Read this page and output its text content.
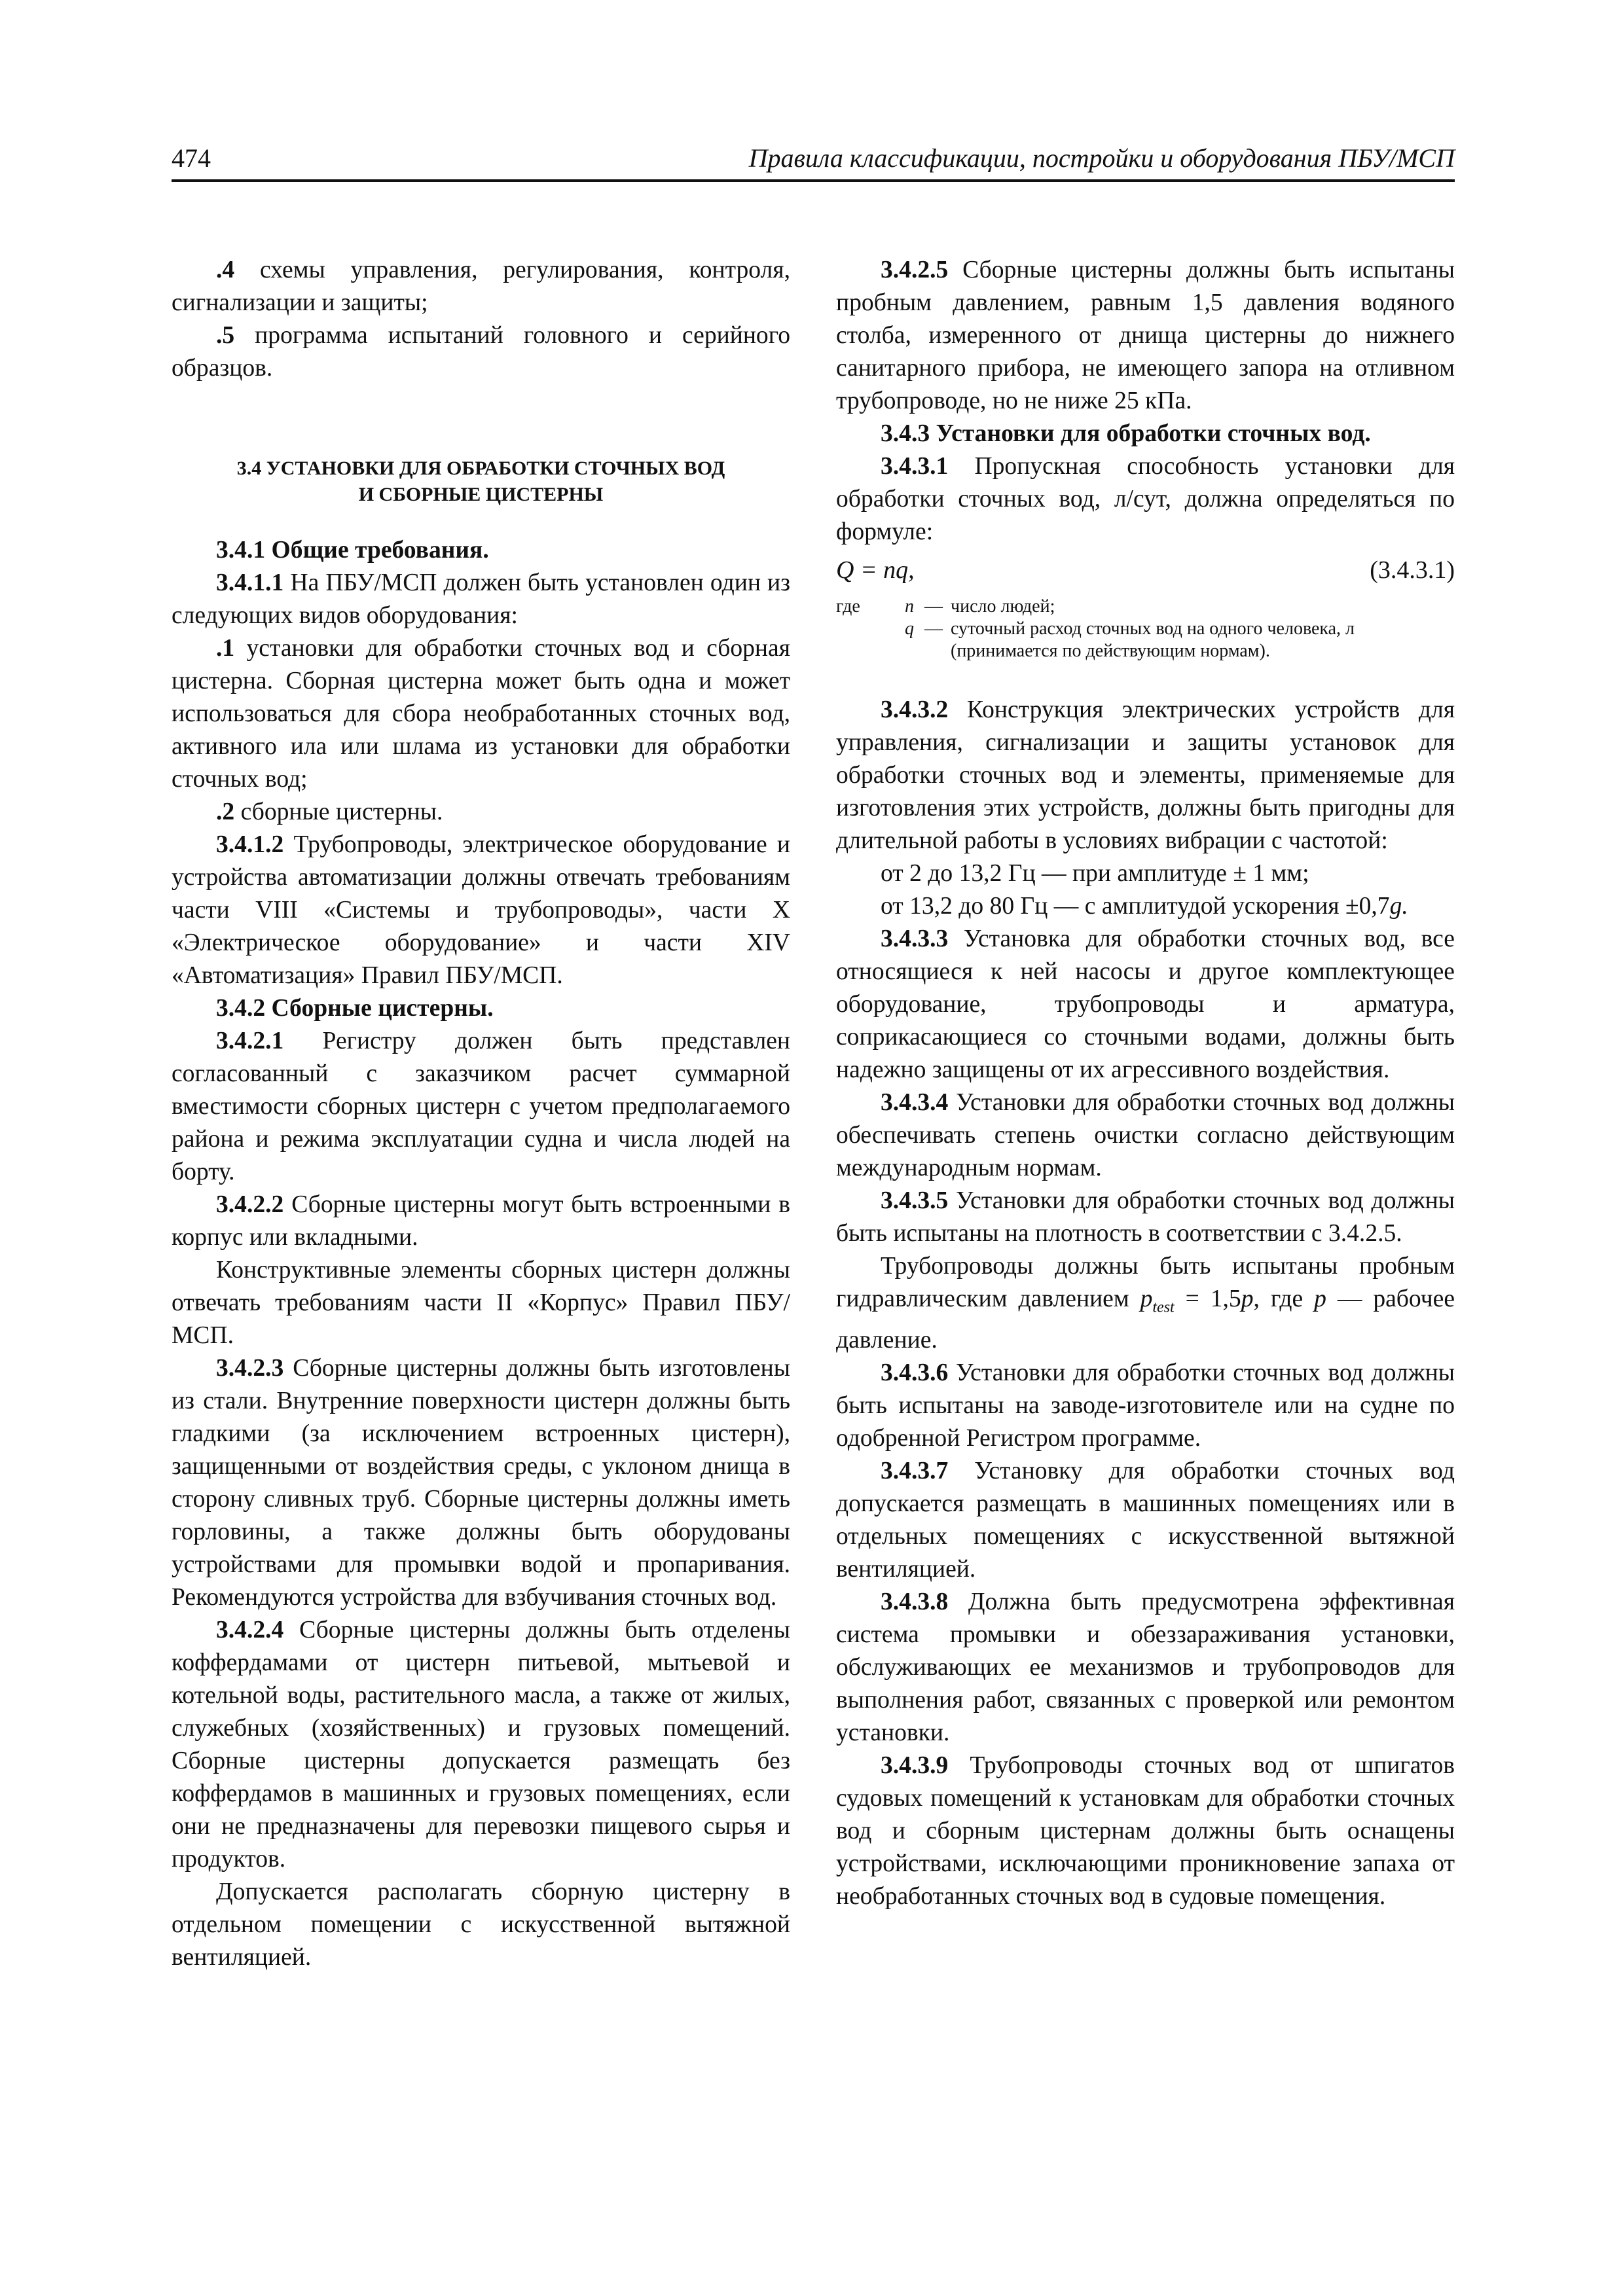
474	Правила классификации, постройки и оборудования ПБУ/МСП

.4 схемы управления, регулирования, контроля, сигнализации и защиты;

.5 программа испытаний головного и серийного образцов.

3.4 УСТАНОВКИ ДЛЯ ОБРАБОТКИ СТОЧНЫХ ВОД
И СБОРНЫЕ ЦИСТЕРНЫ

3.4.1 Общие требования.

3.4.1.1 На ПБУ/МСП должен быть установлен один из следующих видов оборудования:

.1 установки для обработки сточных вод и сборная цистерна. Сборная цистерна может быть одна и может использоваться для сбора необработанных сточных вод, активного ила или шлама из установки для обработки сточных вод;

.2 сборные цистерны.

3.4.1.2 Трубопроводы, электрическое оборудование и устройства автоматизации должны отвечать требованиям части VIII «Системы и трубопроводы», части X «Электрическое оборудование» и части XIV «Автоматизация» Правил ПБУ/МСП.

3.4.2 Сборные цистерны.

3.4.2.1 Регистру должен быть представлен согласованный с заказчиком расчет суммарной вместимости сборных цистерн с учетом предполагаемого района и режима эксплуатации судна и числа людей на борту.

3.4.2.2 Сборные цистерны могут быть встроенными в корпус или вкладными.

Конструктивные элементы сборных цистерн должны отвечать требованиям части II «Корпус» Правил ПБУ/МСП.

3.4.2.3 Сборные цистерны должны быть изготовлены из стали. Внутренние поверхности цистерн должны быть гладкими (за исключением встроенных цистерн), защищенными от воздействия среды, с уклоном днища в сторону сливных труб. Сборные цистерны должны иметь горловины, а также должны быть оборудованы устройствами для промывки водой и пропаривания. Рекомендуются устройства для взбучивания сточных вод.

3.4.2.4 Сборные цистерны должны быть отделены коффердамами от цистерн питьевой, мытьевой и котельной воды, растительного масла, а также от жилых, служебных (хозяйственных) и грузовых помещений. Сборные цистерны допускается размещать без коффердамов в машинных и грузовых помещениях, если они не предназначены для перевозки пищевого сырья и продуктов.

Допускается располагать сборную цистерну в отдельном помещении с искусственной вытяжной вентиляцией.

3.4.2.5 Сборные цистерны должны быть испытаны пробным давлением, равным 1,5 давления водяного столба, измеренного от днища цистерны до нижнего санитарного прибора, не имеющего запора на отливном трубопроводе, но не ниже 25 кПа.

3.4.3 Установки для обработки сточных вод.

3.4.3.1 Пропускная способность установки для обработки сточных вод, л/сут, должна определяться по формуле:

Q = nq,	(3.4.3.1)
где n — число людей;
q — суточный расход сточных вод на одного человека, л (принимается по действующим нормам).

3.4.3.2 Конструкция электрических устройств для управления, сигнализации и защиты установок для обработки сточных вод и элементы, применяемые для изготовления этих устройств, должны быть пригодны для длительной работы в условиях вибрации с частотой:

от 2 до 13,2 Гц — при амплитуде ± 1 мм;

от 13,2 до 80 Гц — с амплитудой ускорения ±0,7g.

3.4.3.3 Установка для обработки сточных вод, все относящиеся к ней насосы и другое комплектующее оборудование, трубопроводы и арматура, соприкасающиеся со сточными водами, должны быть надежно защищены от их агрессивного воздействия.

3.4.3.4 Установки для обработки сточных вод должны обеспечивать степень очистки согласно действующим международным нормам.

3.4.3.5 Установки для обработки сточных вод должны быть испытаны на плотность в соответствии с 3.4.2.5.

Трубопроводы должны быть испытаны пробным гидравлическим давлением $p_{test} = 1,5p$, где p — рабочее давление.

3.4.3.6 Установки для обработки сточных вод должны быть испытаны на заводе-изготовителе или на судне по одобренной Регистром программе.

3.4.3.7 Установку для обработки сточных вод допускается размещать в машинных помещениях или в отдельных помещениях с искусственной вытяжной вентиляцией.

3.4.3.8 Должна быть предусмотрена эффективная система промывки и обеззараживания установки, обслуживающих ее механизмов и трубопроводов для выполнения работ, связанных с проверкой или ремонтом установки.

3.4.3.9 Трубопроводы сточных вод от шпигатов судовых помещений к установкам для обработки сточных вод и сборным цистернам должны быть оснащены устройствами, исключающими проникновение запаха от необработанных сточных вод в судовые помещения.
